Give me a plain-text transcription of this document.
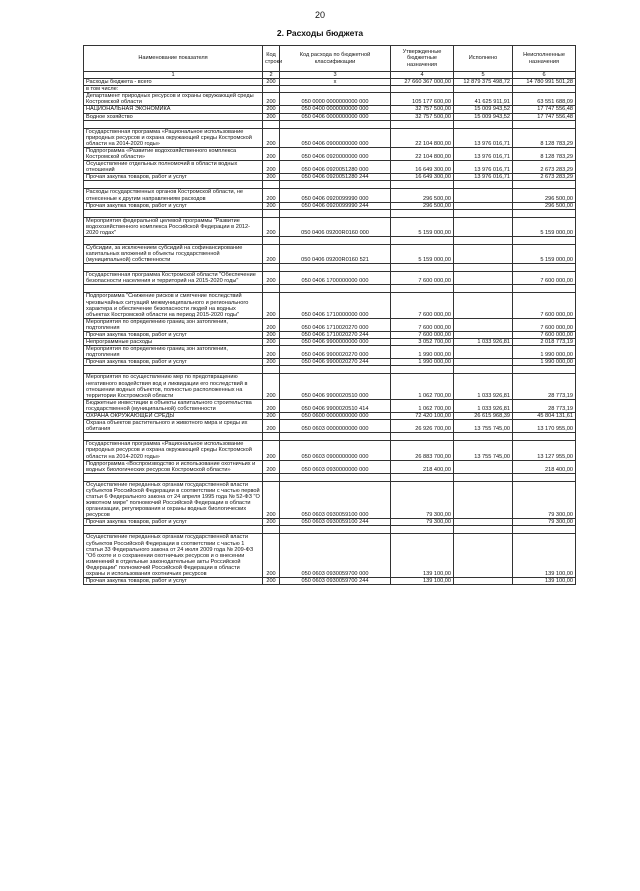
20
2. Расходы бюджета
Наименование показателя	Код строки	Код расхода по бюджетной классификации	Утвержденные бюджетные назначения	Исполнено	Неисполненные назначения
1	2	3	4	5	6
Расходы бюджета - всего	200	x	27 660 367 000,00	12 879 375 498,72	14 780 991 501,28
в том числе:					
Департамент природных ресурсов и охраны окружающей среды Костромской области	200	050 0000 0000000000 000	105 177 600,00	41 625 911,91	63 551 688,09
НАЦИОНАЛЬНАЯ ЭКОНОМИКА	200	050 0400 0000000000 000	32 757 500,00	15 009 943,52	17 747 556,48
Водное хозяйство	200	050 0406 0000000000 000	32 757 500,00	15 009 943,52	17 747 556,48

Государственная программа «Рациональное использование природных ресурсов и охрана окружающей среды Костромской области на 2014-2020 годы»	200	050 0406 0900000000 000	22 104 800,00	13 976 016,71	8 128 783,29
Подпрограмма «Развитие водохозяйственного комплекса Костромской области»	200	050 0406 0920000000 000	22 104 800,00	13 976 016,71	8 128 783,29
Осуществление отдельных полномочий в области водных отношений	200	050 0406 0920051280 000	16 649 300,00	13 976 016,71	2 673 283,29
Прочая закупка товаров, работ и услуг	200	050 0406 0920051280 244	16 649 300,00	13 976 016,71	2 673 283,29

Расходы государственных органов Костромской области, не отнесенные к другим направлениям расходов	200	050 0406 0920099990 000	296 500,00		296 500,00
Прочая закупка товаров, работ и услуг	200	050 0406 0920099990 244	296 500,00		296 500,00

Мероприятия федеральной целевой программы "Развитие водохозяйственного комплекса Российской Федерации в 2012-2020 годах"	200	050 0406 09200R0160 000	5 159 000,00		5 159 000,00

Субсидии, за исключением субсидий на софинансирование капитальных вложений в объекты государственной (муниципальной) собственности	200	050 0406 09200R0160 521	5 159 000,00		5 159 000,00

Государственная программа Костромской области "Обеспечение безопасности населения и территорий на 2015-2020 годы"	200	050 0406 1700000000 000	7 600 000,00		7 600 000,00

Подпрограмма "Снижение рисков и смягчение последствий чрезвычайных ситуаций межмуниципального и регионального характера и обеспечение безопасности людей на водных объектах Костромской области на период 2015-2020 годы"	200	050 0406 1710000000 000	7 600 000,00		7 600 000,00
Мероприятия по определению границ зон затопления, подтопления	200	050 0406 1710020270 000	7 600 000,00		7 600 000,00
Прочая закупка товаров, работ и услуг	200	050 0406 1710020270 244	7 600 000,00		7 600 000,00
Непрограммные расходы	200	050 0406 9900000000 000	3 052 700,00	1 033 926,81	2 018 773,19
Мероприятия по определению границ зон затопления, подтопления	200	050 0406 9900020270 000	1 990 000,00		1 990 000,00
Прочая закупка товаров, работ и услуг	200	050 0406 9900020270 244	1 990 000,00		1 990 000,00

Мероприятия по осуществлению мер по предотвращению негативного воздействия вод и ликвидации его последствий в отношении водных объектов, полностью расположенных на территории Костромской области	200	050 0406 9900020510 000	1 062 700,00	1 033 926,81	28 773,19
Бюджетные инвестиции в объекты капитального строительства государственной (муниципальной) собственности	200	050 0406 9900020510 414	1 062 700,00	1 033 926,81	28 773,19
ОХРАНА ОКРУЖАЮЩЕЙ СРЕДЫ	200	050 0600 0000000000 000	72 420 100,00	26 615 968,39	45 804 131,61
Охрана объектов растительного и животного мира и среды их обитания	200	050 0603 0000000000 000	26 926 700,00	13 755 745,00	13 170 955,00

Государственная программа «Рациональное использование природных ресурсов и охрана окружающей среды Костромской области на 2014-2020 годы»	200	050 0603 0900000000 000	26 883 700,00	13 755 745,00	13 127 955,00
Подпрограмма «Воспроизводство и использование охотничьих и водных биологических ресурсов Костромской области»	200	050 0603 0930000000 000	218 400,00		218 400,00

Осуществление переданных органам государственной власти субъектов Российской Федерации в соответствии с частью первой статьи 6 Федерального закона от 24 апреля 1995 года № 52-ФЗ "О животном мире" полномочий Российской Федерации в области организации, регулирования и охраны водных биологических ресурсов	200	050 0603 0930059100 000	79 300,00		79 300,00
Прочая закупка товаров, работ и услуг	200	050 0603 0930059100 244	79 300,00		79 300,00

Осуществление переданных органам государственной власти субъектов Российской Федерации в соответствии с частью 1 статьи 33 Федерального закона от 24 июля 2009 года № 209-ФЗ "Об охоте и о сохранении охотничьих ресурсов и о внесении изменений в отдельные законодательные акты Российской Федерации" полномочий Российской Федерации в области охраны и использования охотничьих ресурсов	200	050 0603 0930059700 000	139 100,00		139 100,00
Прочая закупка товаров, работ и услуг	200	050 0603 0930059700 244	139 100,00		139 100,00
